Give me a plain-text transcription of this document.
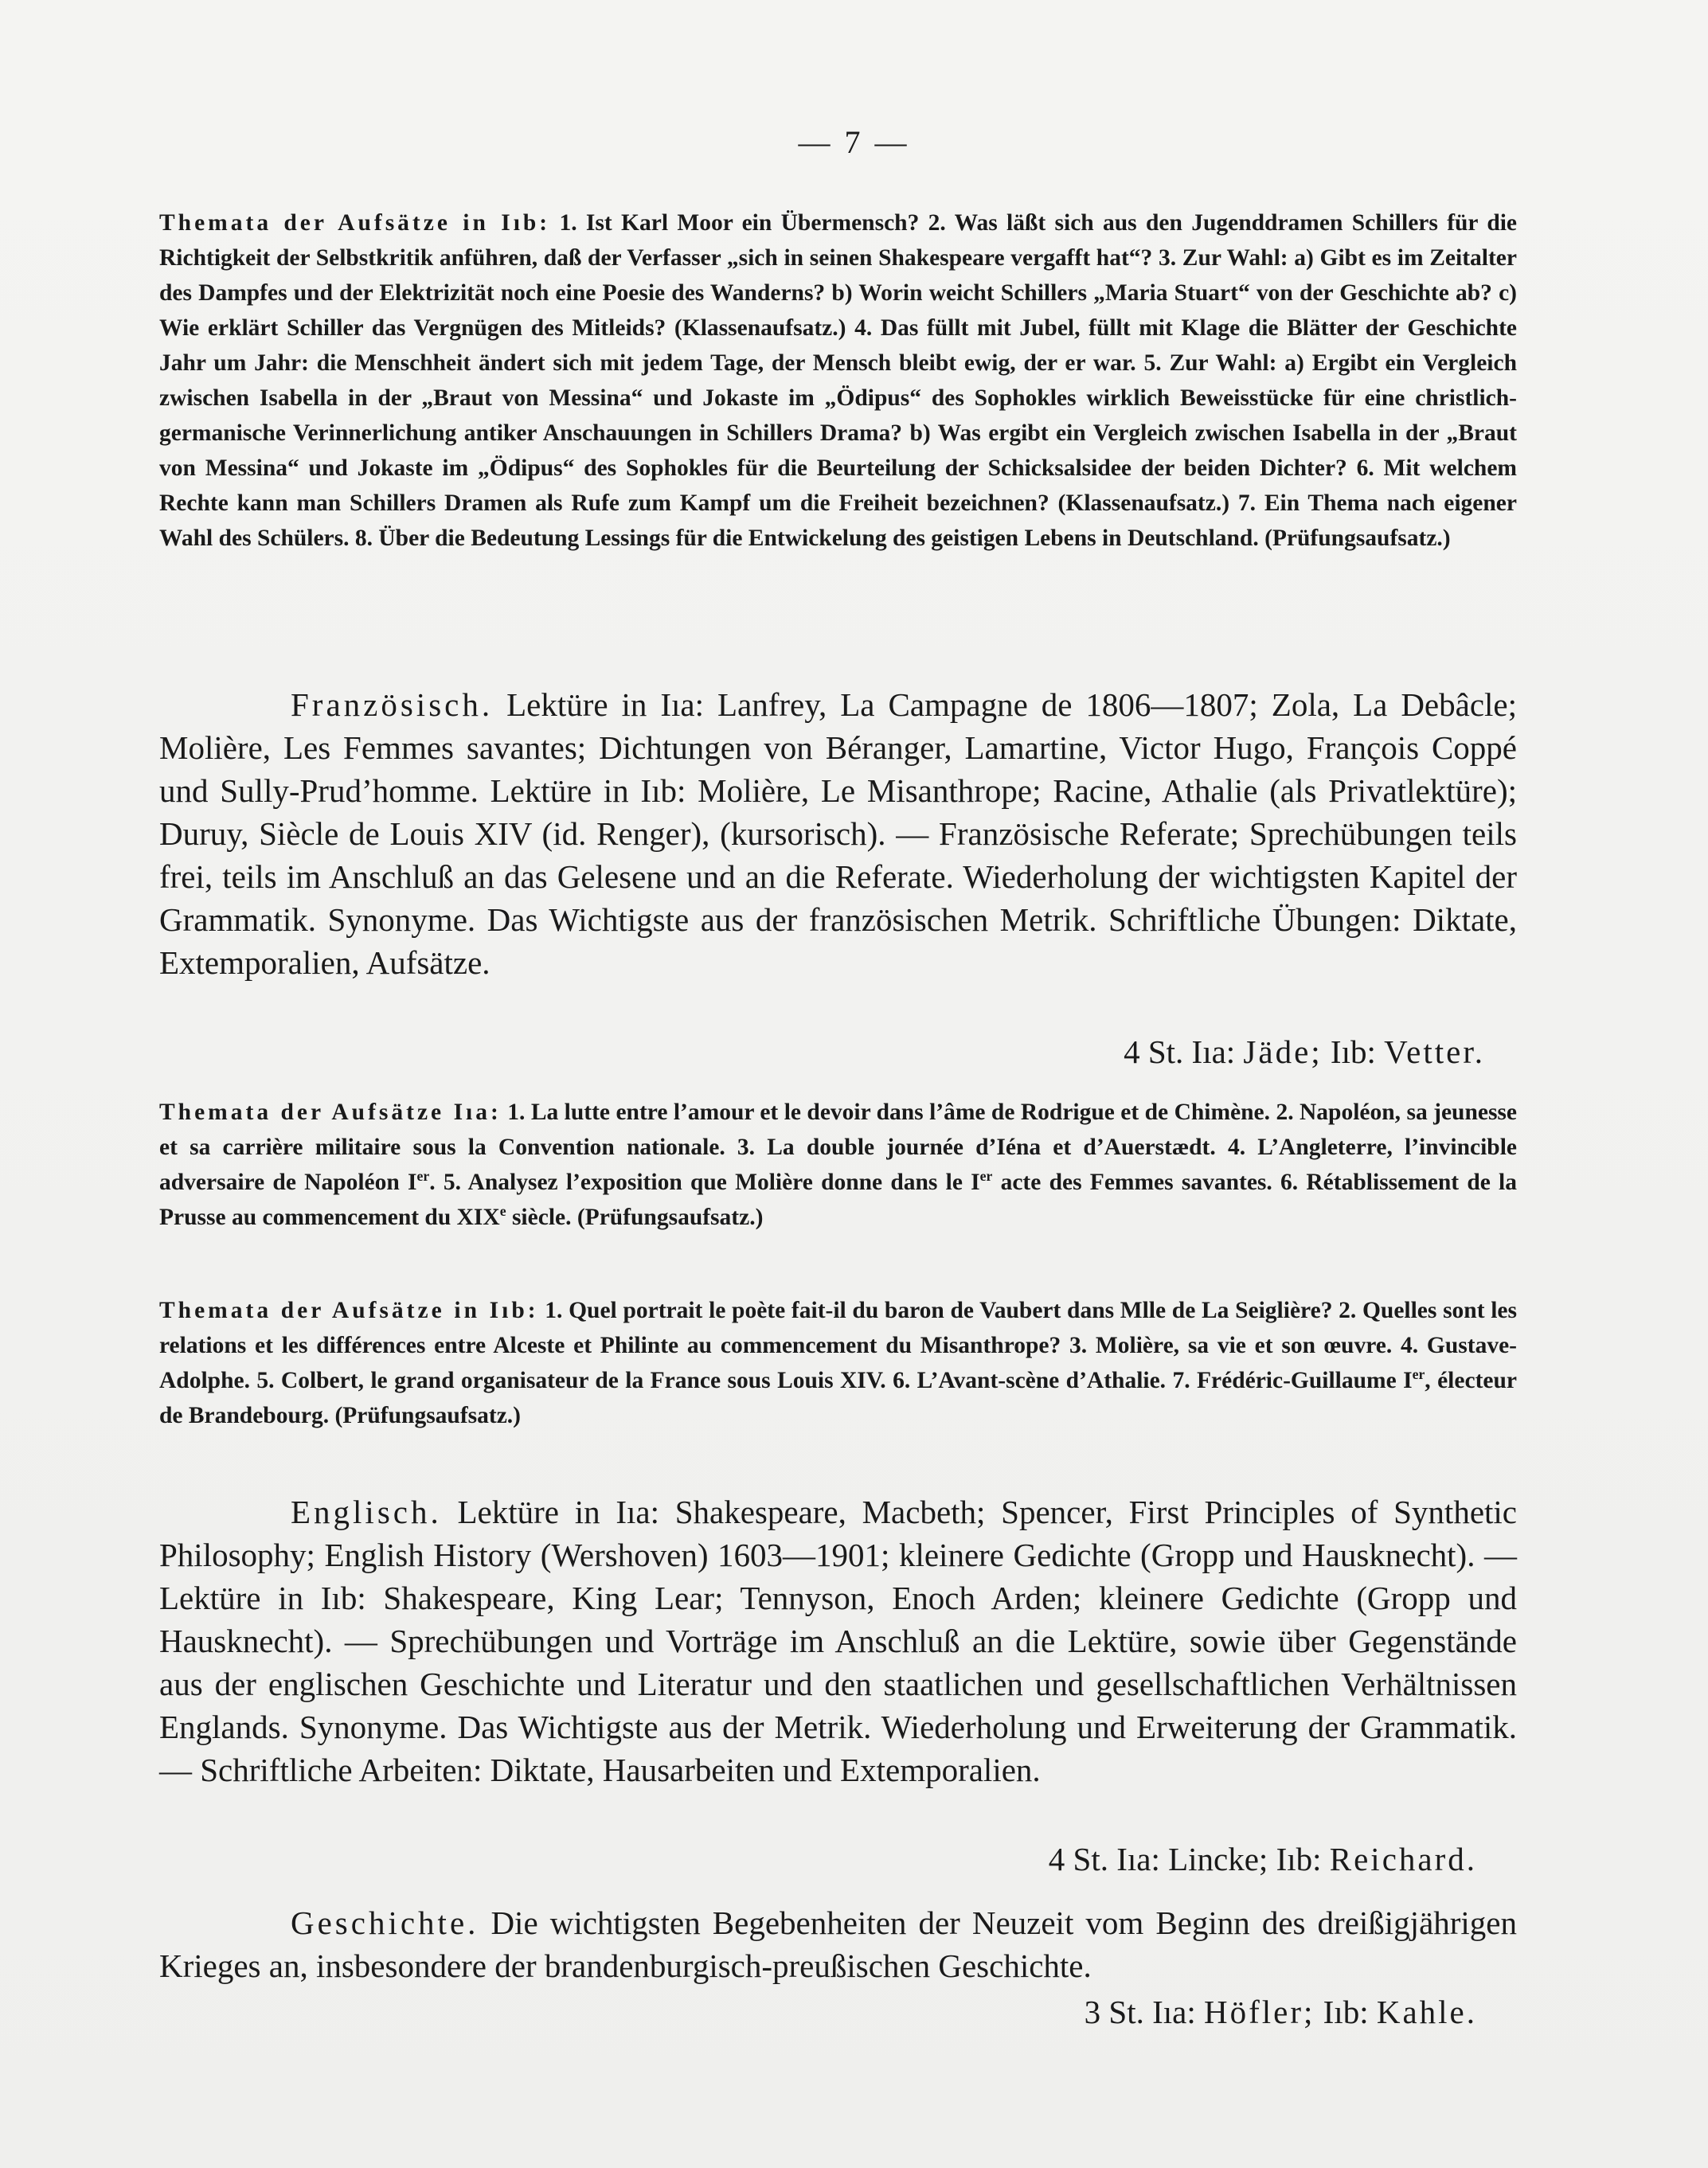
— 7 —
Themata der Aufsätze in Iıb: 1. Ist Karl Moor ein Übermensch? 2. Was läßt sich aus den Jugenddramen Schillers für die Richtigkeit der Selbstkritik anführen, daß der Verfasser „sich in seinen Shakespeare vergafft hat“? 3. Zur Wahl: a) Gibt es im Zeitalter des Dampfes und der Elektrizität noch eine Poesie des Wanderns? b) Worin weicht Schillers „Maria Stuart“ von der Geschichte ab? c) Wie erklärt Schiller das Vergnügen des Mitleids? (Klassenaufsatz.) 4. Das füllt mit Jubel, füllt mit Klage die Blätter der Geschichte Jahr um Jahr: die Menschheit ändert sich mit jedem Tage, der Mensch bleibt ewig, der er war. 5. Zur Wahl: a) Ergibt ein Vergleich zwischen Isabella in der „Braut von Messina“ und Jokaste im „Ödipus“ des Sophokles wirklich Beweisstücke für eine christlich-germanische Verinnerlichung antiker Anschauungen in Schillers Drama? b) Was ergibt ein Vergleich zwischen Isabella in der „Braut von Messina“ und Jokaste im „Ödipus“ des Sophokles für die Beurteilung der Schicksalsidee der beiden Dichter? 6. Mit welchem Rechte kann man Schillers Dramen als Rufe zum Kampf um die Freiheit bezeichnen? (Klassenaufsatz.) 7. Ein Thema nach eigener Wahl des Schülers. 8. Über die Bedeutung Lessings für die Entwickelung des geistigen Lebens in Deutschland. (Prüfungsaufsatz.)
Französisch. Lektüre in Iıa: Lanfrey, La Campagne de 1806—1807; Zola, La Debâcle; Molière, Les Femmes savantes; Dichtungen von Béranger, Lamartine, Victor Hugo, François Coppé und Sully-Prud’homme. Lektüre in Iıb: Molière, Le Misanthrope; Racine, Athalie (als Privatlektüre); Duruy, Siècle de Louis XIV (id. Renger), (kursorisch). — Französische Referate; Sprechübungen teils frei, teils im Anschluß an das Gelesene und an die Referate. Wiederholung der wichtigsten Kapitel der Grammatik. Synonyme. Das Wichtigste aus der französischen Metrik. Schriftliche Übungen: Diktate, Extemporalien, Aufsätze.
4 St. Iıa: Jäde; Iıb: Vetter.
Themata der Aufsätze Iıa: 1. La lutte entre l’amour et le devoir dans l’âme de Rodrigue et de Chimène. 2. Napoléon, sa jeunesse et sa carrière militaire sous la Convention nationale. 3. La double journée d’Iéna et d’Auerstædt. 4. L’Angleterre, l’invincible adversaire de Napoléon Ier. 5. Analysez l’exposition que Molière donne dans le Ier acte des Femmes savantes. 6. Rétablissement de la Prusse au commencement du XIXe siècle. (Prüfungsaufsatz.)
Themata der Aufsätze in Iıb: 1. Quel portrait le poète fait-il du baron de Vaubert dans Mlle de La Seiglière? 2. Quelles sont les relations et les différences entre Alceste et Philinte au commencement du Misanthrope? 3. Molière, sa vie et son œuvre. 4. Gustave-Adolphe. 5. Colbert, le grand organisateur de la France sous Louis XIV. 6. L’Avant-scène d’Athalie. 7. Frédéric-Guillaume Ier, électeur de Brandebourg. (Prüfungsaufsatz.)
Englisch. Lektüre in Iıa: Shakespeare, Macbeth; Spencer, First Principles of Synthetic Philosophy; English History (Wershoven) 1603—1901; kleinere Gedichte (Gropp und Hausknecht). — Lektüre in Iıb: Shakespeare, King Lear; Tennyson, Enoch Arden; kleinere Gedichte (Gropp und Hausknecht). — Sprechübungen und Vorträge im Anschluß an die Lektüre, sowie über Gegenstände aus der englischen Geschichte und Literatur und den staatlichen und gesellschaftlichen Verhältnissen Englands. Synonyme. Das Wichtigste aus der Metrik. Wiederholung und Erweiterung der Grammatik. — Schriftliche Arbeiten: Diktate, Hausarbeiten und Extemporalien.
4 St. Iıa: Lincke; Iıb: Reichard.
Geschichte. Die wichtigsten Begebenheiten der Neuzeit vom Beginn des dreißigjährigen Krieges an, insbesondere der brandenburgisch-preußischen Geschichte.
3 St. Iıa: Höfler; Iıb: Kahle.
